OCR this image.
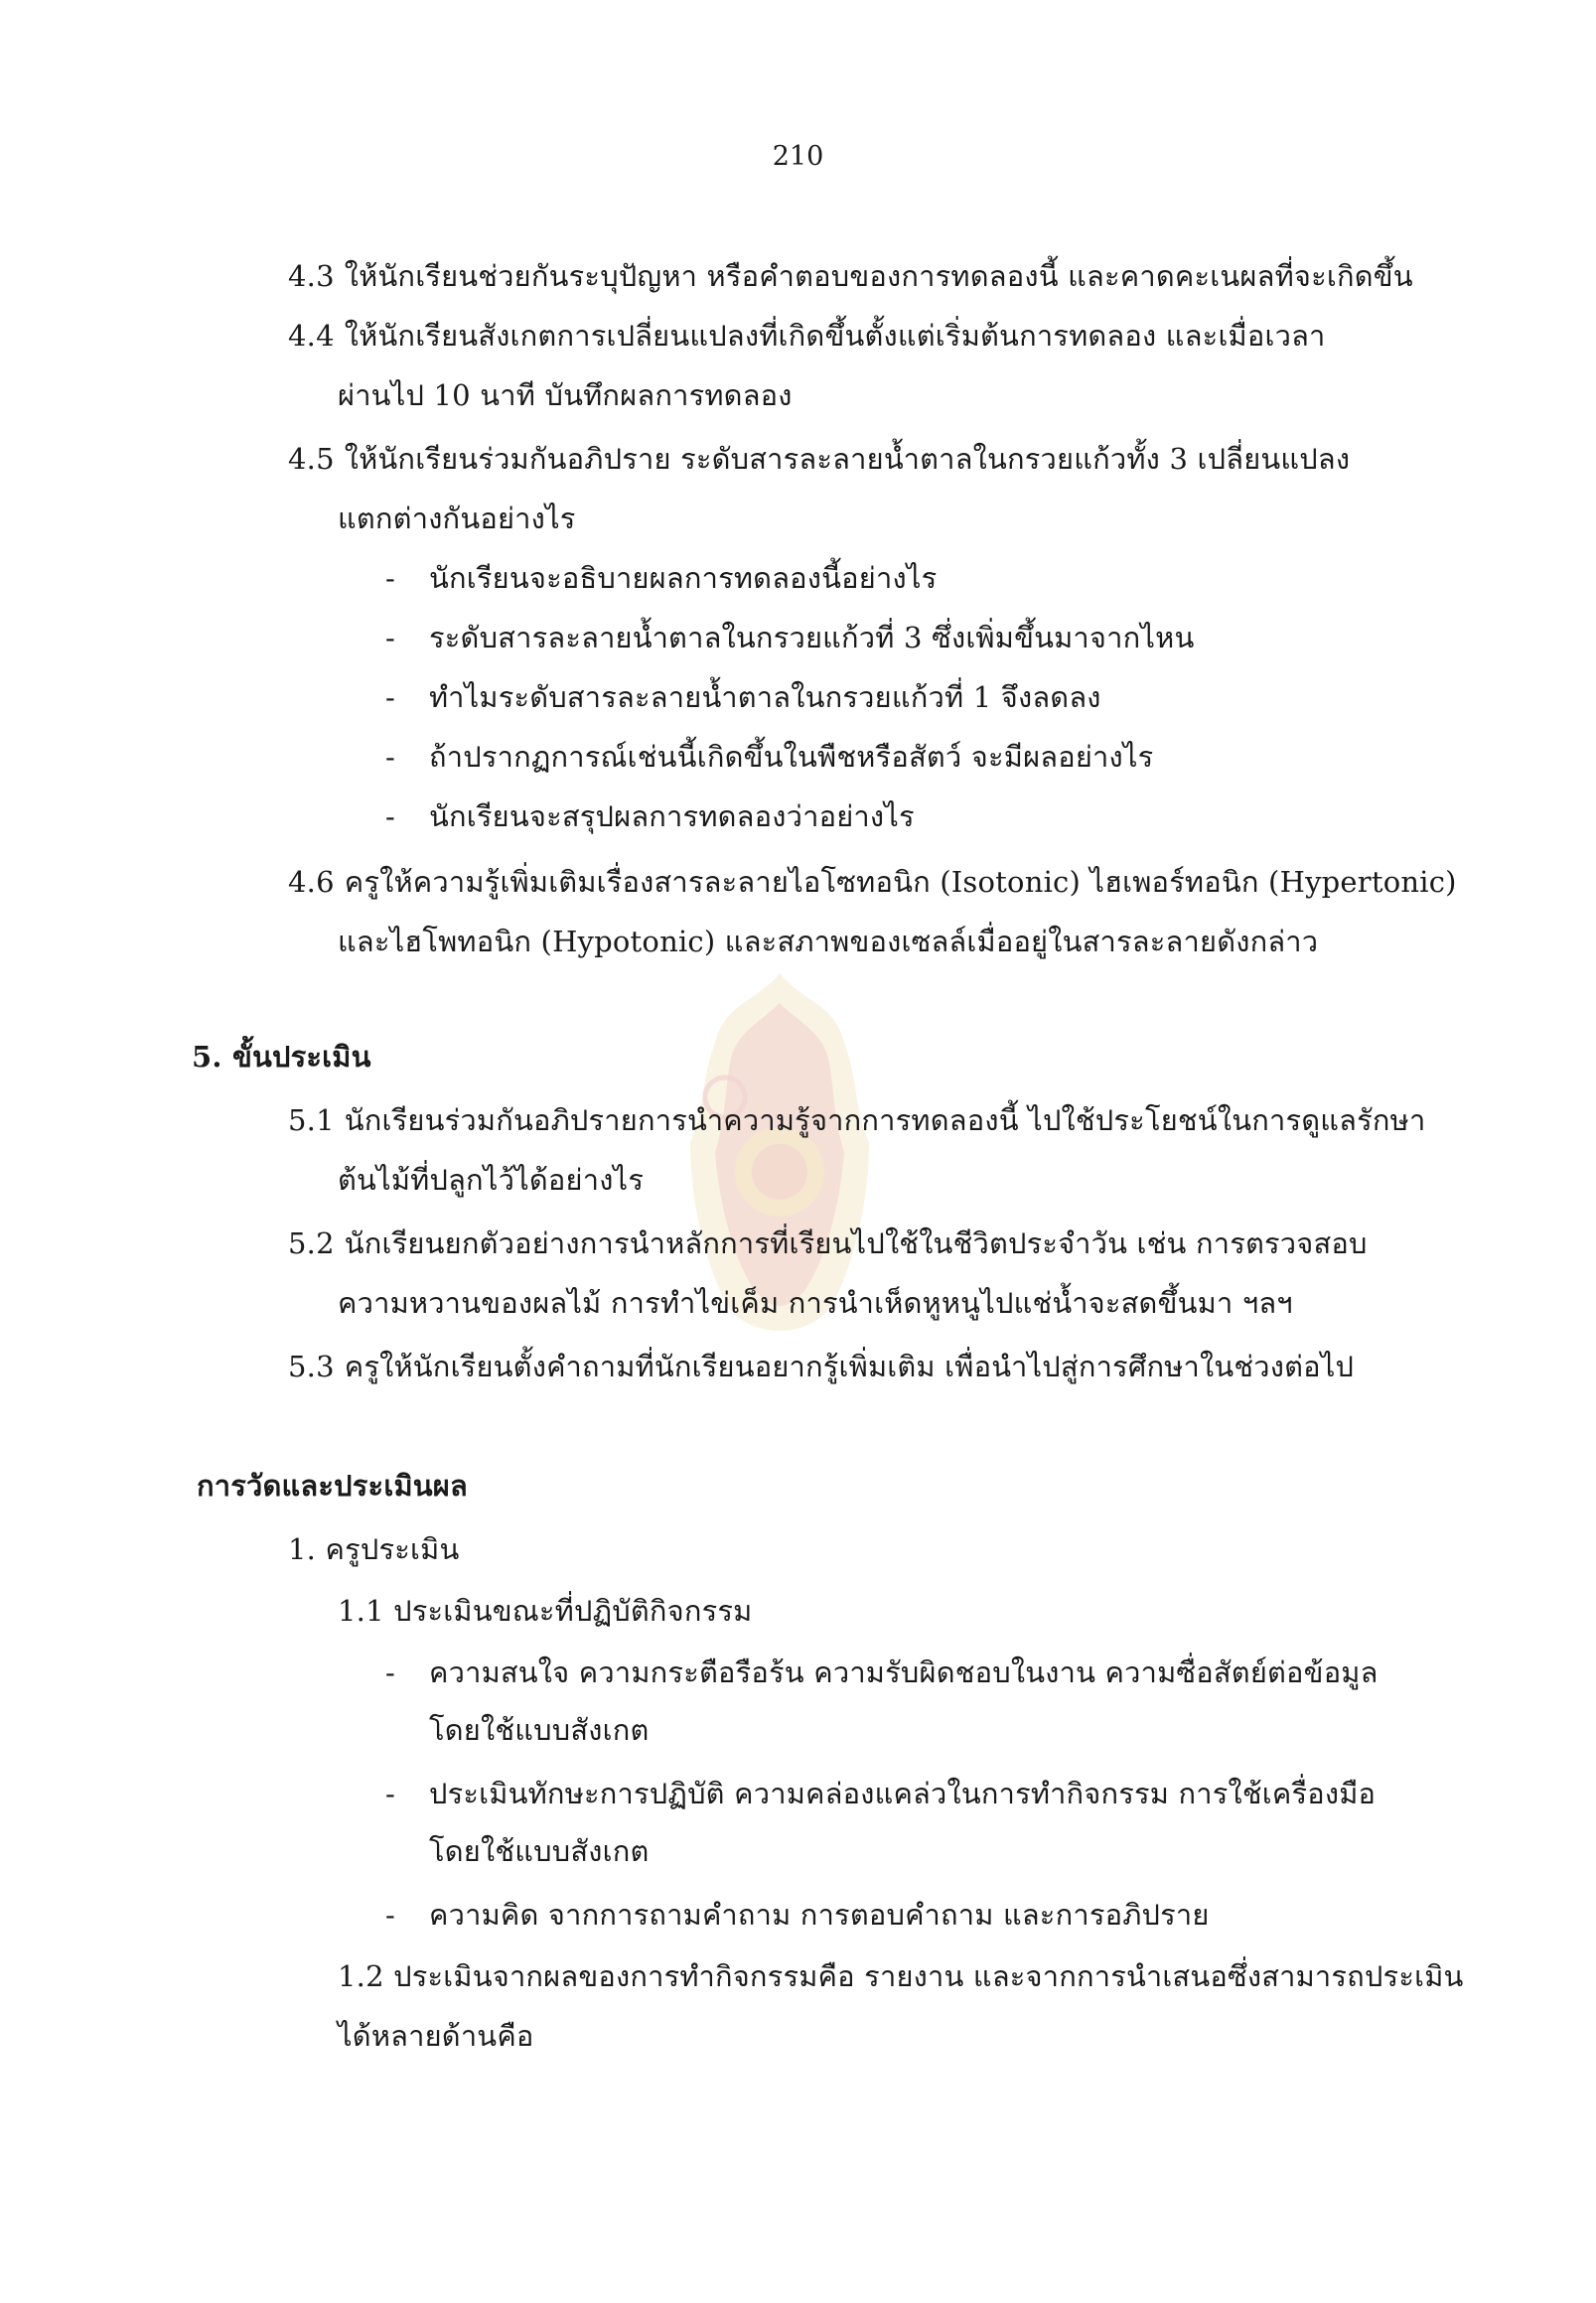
210
4.3 ให้นักเรียนช่วยกันระบุปัญหา หรือคำตอบของการทดลองนี้ และคาดคะเนผลที่จะเกิดขึ้น
4.4 ให้นักเรียนสังเกตการเปลี่ยนแปลงที่เกิดขึ้นตั้งแต่เริ่มต้นการทดลอง และเมื่อเวลา
ผ่านไป 10 นาที บันทึกผลการทดลอง
4.5 ให้นักเรียนร่วมกันอภิปราย ระดับสารละลายน้ำตาลในกรวยแก้วทั้ง 3 เปลี่ยนแปลง
แตกต่างกันอย่างไร
- นักเรียนจะอธิบายผลการทดลองนี้อย่างไร
- ระดับสารละลายน้ำตาลในกรวยแก้วที่ 3 ซึ่งเพิ่มขึ้นมาจากไหน
- ทำไมระดับสารละลายน้ำตาลในกรวยแก้วที่ 1 จึงลดลง
- ถ้าปรากฏการณ์เช่นนี้เกิดขึ้นในพืชหรือสัตว์ จะมีผลอย่างไร
- นักเรียนจะสรุปผลการทดลองว่าอย่างไร
4.6 ครูให้ความรู้เพิ่มเติมเรื่องสารละลายไอโซทอนิก (Isotonic) ไฮเพอร์ทอนิก (Hypertonic)
และไฮโพทอนิก (Hypotonic) และสภาพของเซลล์เมื่ออยู่ในสารละลายดังกล่าว
5. ขั้นประเมิน
5.1 นักเรียนร่วมกันอภิปรายการนำความรู้จากการทดลองนี้ ไปใช้ประโยชน์ในการดูแลรักษา
ต้นไม้ที่ปลูกไว้ได้อย่างไร
5.2 นักเรียนยกตัวอย่างการนำหลักการที่เรียนไปใช้ในชีวิตประจำวัน เช่น การตรวจสอบ
ความหวานของผลไม้ การทำไข่เค็ม การนำเห็ดหูหนูไปแช่น้ำจะสดขึ้นมา ฯลฯ
5.3 ครูให้นักเรียนตั้งคำถามที่นักเรียนอยากรู้เพิ่มเติม เพื่อนำไปสู่การศึกษาในช่วงต่อไป
การวัดและประเมินผล
1. ครูประเมิน
1.1 ประเมินขณะที่ปฏิบัติกิจกรรม
- ความสนใจ ความกระตือรือร้น ความรับผิดชอบในงาน ความซื่อสัตย์ต่อข้อมูล
โดยใช้แบบสังเกต
- ประเมินทักษะการปฏิบัติ ความคล่องแคล่วในการทำกิจกรรม การใช้เครื่องมือ
โดยใช้แบบสังเกต
- ความคิด จากการถามคำถาม การตอบคำถาม และการอภิปราย
1.2 ประเมินจากผลของการทำกิจกรรมคือ รายงาน และจากการนำเสนอซึ่งสามารถประเมิน
ได้หลายด้านคือ
